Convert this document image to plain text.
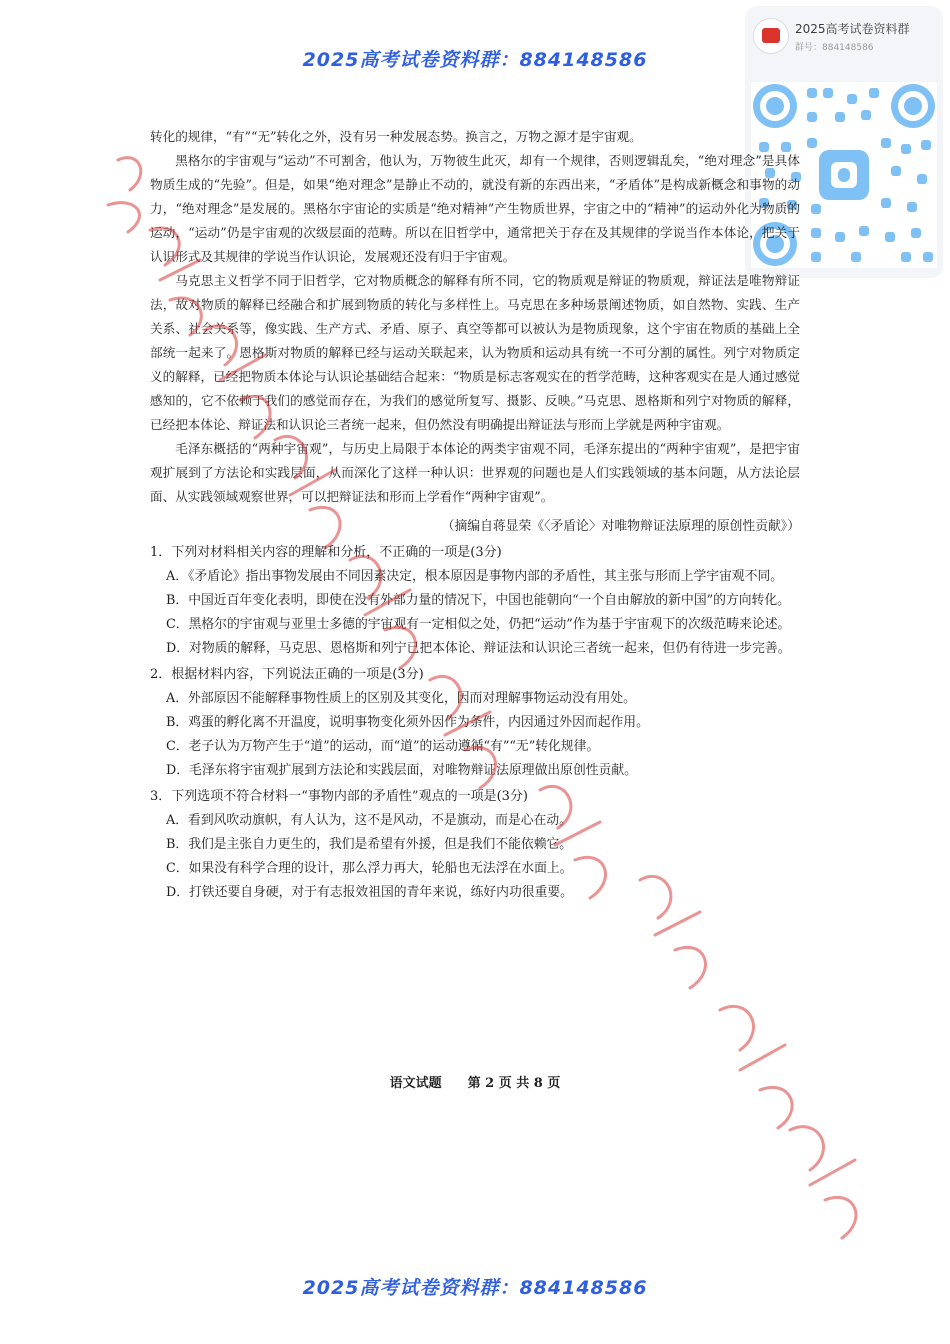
2025高考试卷资料群：884148586
2025高考试卷资料群：884148586
2025高考试卷资料群
群号：884148586

转化的规律，“有”“无”转化之外，没有另一种发展态势。换言之，万物之源才是宇宙观。

黑格尔的宇宙观与“运动”不可割舍，他认为，万物彼生此灭，却有一个规律，否则逻辑乱矣，“绝对理念”是具体物质生成的“先验”。但是，如果“绝对理念”是静止不动的，就没有新的东西出来，“矛盾体”是构成新概念和事物的动力，“绝对理念”是发展的。黑格尔宇宙论的实质是“绝对精神”产生物质世界，宇宙之中的“精神”的运动外化为物质的运动，“运动”仍是宇宙观的次级层面的范畴。所以在旧哲学中，通常把关于存在及其规律的学说当作本体论，把关于认识形式及其规律的学说当作认识论，发展观还没有归于宇宙观。

马克思主义哲学不同于旧哲学，它对物质概念的解释有所不同，它的物质观是辩证的物质观，辩证法是唯物辩证法，故对物质的解释已经融合和扩展到物质的转化与多样性上。马克思在多种场景阐述物质，如自然物、实践、生产关系、社会关系等，像实践、生产方式、矛盾、原子、真空等都可以被认为是物质现象，这个宇宙在物质的基础上全部统一起来了。恩格斯对物质的解释已经与运动关联起来，认为物质和运动具有统一不可分割的属性。列宁对物质定义的解释，已经把物质本体论与认识论基础结合起来：“物质是标志客观实在的哲学范畴，这种客观实在是人通过感觉感知的，它不依赖于我们的感觉而存在，为我们的感觉所复写、摄影、反映。”马克思、恩格斯和列宁对物质的解释，已经把本体论、辩证法和认识论三者统一起来，但仍然没有明确提出辩证法与形而上学就是两种宇宙观。

毛泽东概括的“两种宇宙观”，与历史上局限于本体论的两类宇宙观不同，毛泽东提出的“两种宇宙观”，是把宇宙观扩展到了方法论和实践层面，从而深化了这样一种认识：世界观的问题也是人们实践领域的基本问题，从方法论层面、从实践领域观察世界，可以把辩证法和形而上学看作“两种宇宙观”。

（摘编自蒋显荣《〈矛盾论〉对唯物辩证法原理的原创性贡献》）

1．下列对材料相关内容的理解和分析，不正确的一项是(3分)

A．《矛盾论》指出事物发展由不同因素决定，根本原因是事物内部的矛盾性，其主张与形而上学宇宙观不同。

B．中国近百年变化表明，即使在没有外部力量的情况下，中国也能朝向“一个自由解放的新中国”的方向转化。

C．黑格尔的宇宙观与亚里士多德的宇宙观有一定相似之处，仍把“运动”作为基于宇宙观下的次级范畴来论述。

D．对物质的解释，马克思、恩格斯和列宁已把本体论、辩证法和认识论三者统一起来，但仍有待进一步完善。

2．根据材料内容，下列说法正确的一项是(3分)

A．外部原因不能解释事物性质上的区别及其变化，因而对理解事物运动没有用处。

B．鸡蛋的孵化离不开温度，说明事物变化须外因作为条件，内因通过外因而起作用。

C．老子认为万物产生于“道”的运动，而“道”的运动遵循“有”“无”转化规律。

D．毛泽东将宇宙观扩展到方法论和实践层面，对唯物辩证法原理做出原创性贡献。

3．下列选项不符合材料一“事物内部的矛盾性”观点的一项是(3分)

A．看到风吹动旗帜，有人认为，这不是风动，不是旗动，而是心在动。

B．我们是主张自力更生的，我们是希望有外援，但是我们不能依赖它。

C．如果没有科学合理的设计，那么浮力再大，轮船也无法浮在水面上。

D．打铁还要自身硬，对于有志报效祖国的青年来说，练好内功很重要。

语文试题　　第 2 页 共 8 页
